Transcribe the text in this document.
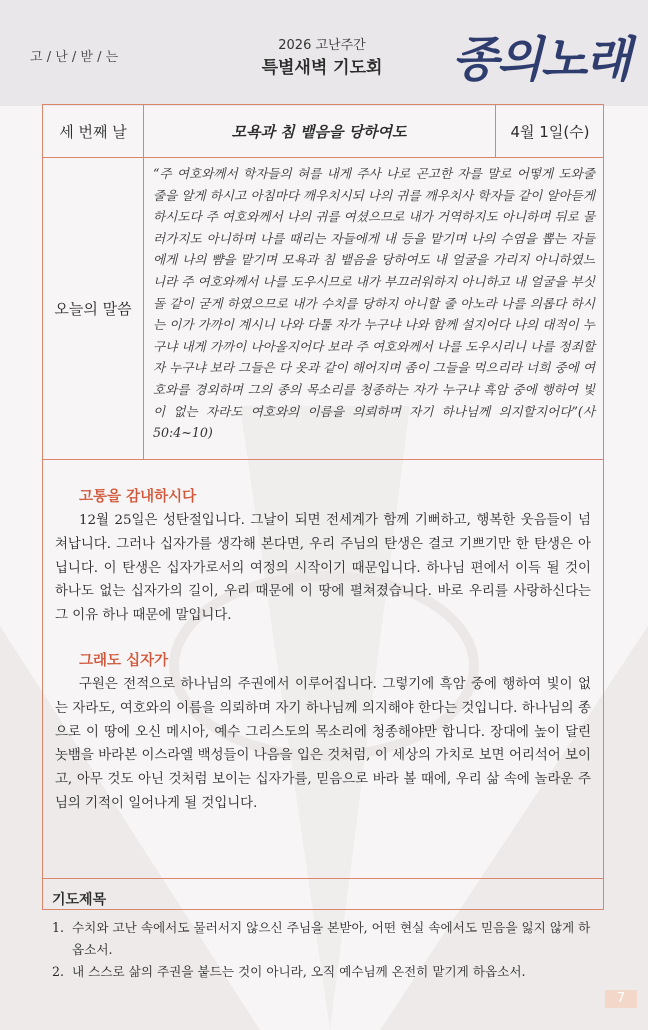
고 / 난 / 받 / 는
2026 고난주간
특별새벽 기도회	종의노래
세 번째 날	모욕과 침 뱉음을 당하여도	4월 1일(수)
오늘의 말씀
“주 여호와께서 학자들의 혀를 내게 주사 나로 곤고한 자를 말로 어떻게 도와줄 줄을 알게 하시고 아침마다 깨우치시되 나의 귀를 깨우치사 학자들 같이 알아듣게 하시도다 주 여호와께서 나의 귀를 여셨으므로 내가 거역하지도 아니하며 뒤로 물러가지도 아니하며 나를 때리는 자들에게 내 등을 맡기며 나의 수염을 뽑는 자들에게 나의 뺨을 맡기며 모욕과 침 뱉음을 당하여도 내 얼굴을 가리지 아니하였느니라 주 여호와께서 나를 도우시므로 내가 부끄러워하지 아니하고 내 얼굴을 부싯돌 같이 굳게 하였으므로 내가 수치를 당하지 아니할 줄 아노라 나를 의롭다 하시는 이가 가까이 계시니 나와 다툴 자가 누구냐 나와 함께 설지어다 나의 대적이 누구냐 내게 가까이 나아올지어다 보라 주 여호와께서 나를 도우시리니 나를 정죄할 자 누구냐 보라 그들은 다 옷과 같이 해어지며 좀이 그들을 먹으리라 너희 중에 여호와를 경외하며 그의 종의 목소리를 청종하는 자가 누구냐 흑암 중에 행하여 빛이 없는 자라도 여호와의 이름을 의뢰하며 자기 하나님께 의지할지어다”(사 50:4~10)
고통을 감내하시다
12월 25일은 성탄절입니다. 그날이 되면 전세계가 함께 기뻐하고, 행복한 웃음들이 넘쳐납니다. 그러나 십자가를 생각해 본다면, 우리 주님의 탄생은 결코 기쁘기만 한 탄생은 아닙니다. 이 탄생은 십자가로서의 여정의 시작이기 때문입니다. 하나님 편에서 이득 될 것이 하나도 없는 십자가의 길이, 우리 때문에 이 땅에 펼쳐졌습니다. 바로 우리를 사랑하신다는 그 이유 하나 때문에 말입니다.
그래도 십자가
구원은 전적으로 하나님의 주권에서 이루어집니다. 그렇기에 흑암 중에 행하여 빛이 없는 자라도, 여호와의 이름을 의뢰하며 자기 하나님께 의지해야 한다는 것입니다. 하나님의 종으로 이 땅에 오신 메시아, 예수 그리스도의 목소리에 청종해야만 합니다. 장대에 높이 달린 놋뱀을 바라본 이스라엘 백성들이 나음을 입은 것처럼, 이 세상의 가치로 보면 어리석어 보이고, 아무 것도 아닌 것처럼 보이는 십자가를, 믿음으로 바라 볼 때에, 우리 삶 속에 놀라운 주님의 기적이 일어나게 될 것입니다.
기도제목
1. 수치와 고난 속에서도 물러서지 않으신 주님을 본받아, 어떤 현실 속에서도 믿음을 잃지 않게 하옵소서.
2. 내 스스로 삶의 주권을 붙드는 것이 아니라, 오직 예수님께 온전히 맡기게 하옵소서.
7
